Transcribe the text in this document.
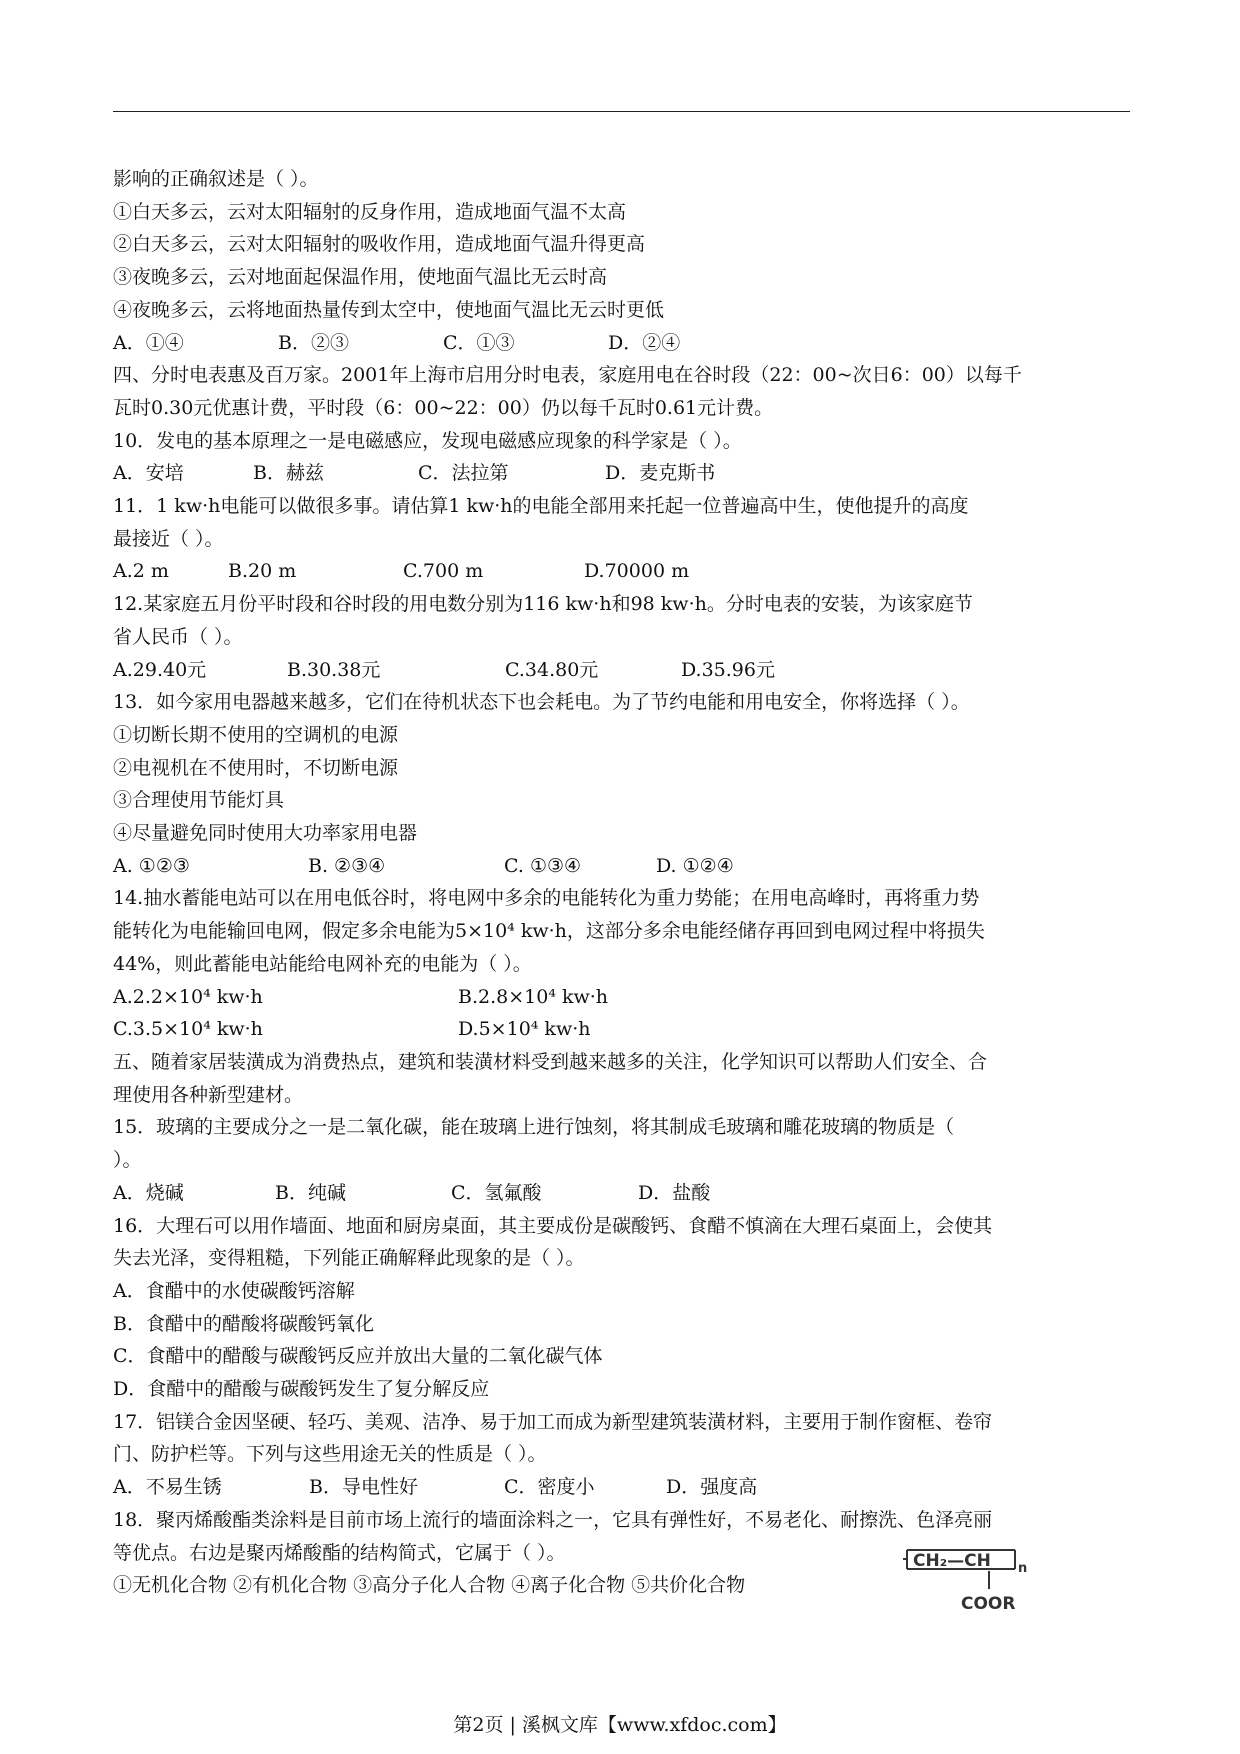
影响的正确叙述是（ ）。
①白天多云，云对太阳辐射的反身作用，造成地面气温不太高
②白天多云，云对太阳辐射的吸收作用，造成地面气温升得更高
③夜晚多云，云对地面起保温作用，使地面气温比无云时高
④夜晚多云，云将地面热量传到太空中，使地面气温比无云时更低
A．①④	B．②③	C．①③	D．②④
四、分时电表惠及百万家。2001年上海市启用分时电表，家庭用电在谷时段（22：00~次日6：00）以每千
瓦时0.30元优惠计费，平时段（6：00~22：00）仍以每千瓦时0.61元计费。
10．发电的基本原理之一是电磁感应，发现电磁感应现象的科学家是（ ）。
A．安培	B．赫兹	C．法拉第	D．麦克斯书
11．1 kw·h电能可以做很多事。请估算1 kw·h的电能全部用来托起一位普遍高中生，使他提升的高度
最接近（ ）。
A.2 m	B.20 m	C.700 m	D.70000 m
12.某家庭五月份平时段和谷时段的用电数分别为116 kw·h和98 kw·h。分时电表的安装，为该家庭节
省人民币（ ）。
A.29.40元	B.30.38元	C.34.80元	D.35.96元
13．如今家用电器越来越多，它们在待机状态下也会耗电。为了节约电能和用电安全，你将选择（ ）。
①切断长期不使用的空调机的电源
②电视机在不使用时，不切断电源
③合理使用节能灯具
④尽量避免同时使用大功率家用电器
A. ①②③	B. ②③④	C. ①③④	D. ①②④
14.抽水蓄能电站可以在用电低谷时，将电网中多余的电能转化为重力势能；在用电高峰时，再将重力势
能转化为电能输回电网，假定多余电能为5×10⁴ kw·h，这部分多余电能经储存再回到电网过程中将损失
44%，则此蓄能电站能给电网补充的电能为（ ）。
A.2.2×10⁴ kw·h	B.2.8×10⁴ kw·h
C.3.5×10⁴ kw·h	D.5×10⁴ kw·h
五、随着家居装潢成为消费热点，建筑和装潢材料受到越来越多的关注，化学知识可以帮助人们安全、合
理使用各种新型建材。
15．玻璃的主要成分之一是二氧化碳，能在玻璃上进行蚀刻，将其制成毛玻璃和雕花玻璃的物质是（
）。
A．烧碱	B．纯碱	C．氢氟酸	D．盐酸
16．大理石可以用作墙面、地面和厨房桌面，其主要成份是碳酸钙、食醋不慎滴在大理石桌面上，会使其
失去光泽，变得粗糙，下列能正确解释此现象的是（ ）。
A．食醋中的水使碳酸钙溶解
B．食醋中的醋酸将碳酸钙氧化
C．食醋中的醋酸与碳酸钙反应并放出大量的二氧化碳气体
D．食醋中的醋酸与碳酸钙发生了复分解反应
17．铝镁合金因坚硬、轻巧、美观、洁净、易于加工而成为新型建筑装潢材料，主要用于制作窗框、卷帘
门、防护栏等。下列与这些用途无关的性质是（ ）。
A．不易生锈	B．导电性好	C．密度小	D．强度高
18．聚丙烯酸酯类涂料是目前市场上流行的墙面涂料之一，它具有弹性好，不易老化、耐擦洗、色泽亮丽
等优点。右边是聚丙烯酸酯的结构简式，它属于（ ）。
①无机化合物 ②有机化合物 ③高分子化人合物 ④离子化合物 ⑤共价化合物
CH₂—CH n
COOR
第2页 | 溪枫文库【www.xfdoc.com】
